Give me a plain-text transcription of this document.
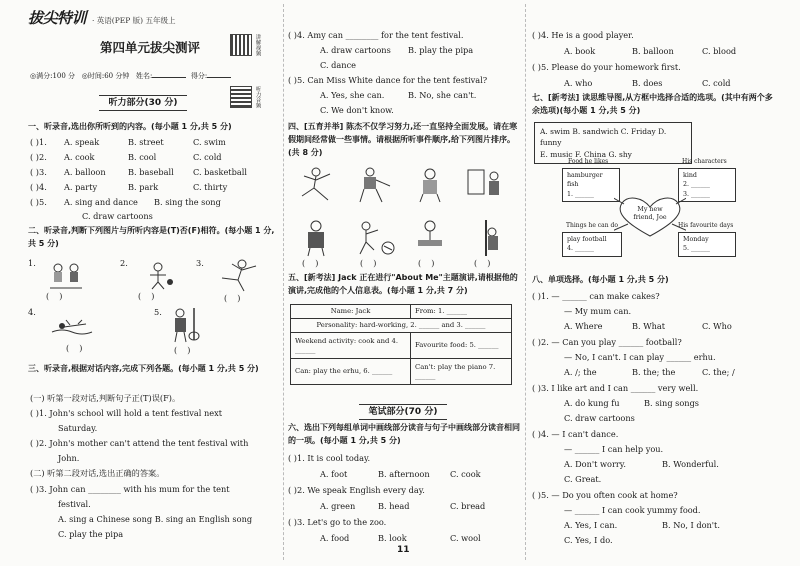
拔尖特训 · 英语(PEP 版) 五年级上
第四单元拔尖测评	讲解视频
◎满分:100 分 ◎时间:60 分钟 姓名:	得分:
听力音频
听力部分(30 分)
一、听录音,选出你所听到的内容。(每小题 1 分,共 5 分)
( )1. A. speak	B. street	C. swim
( )2. A. cook	B. cool	C. cold
( )3. A. balloon	B. baseball C. basketball
( )4. A. party	B. park	C. thirty
( )5. A. sing and dance B. sing the song
C. draw cartoons
二、听录音,判断下列图片与所听内容是(T)否(F)相符。(每小题 1 分,共 5 分)
1.
(    )
2.
(    )
3.
(    )
4.
(    )
5.
(    )
三、听录音,根据对话内容,完成下列各题。(每小题 1 分,共 5 分)
(一) 听第一段对话,判断句子正(T)误(F)。
( )1. John's school will hold a tent festival next
Saturday.
( )2. John's mother can't attend the tent festival with
John.
(二) 听第二段对话,选出正确的答案。
( )3. John can ________ with his mum for the tent
festival.
A. sing a Chinese song B. sing an English song
C. play the pipa
( )4. Amy can ________ for the tent festival.
A. draw cartoons B. play the pipa
C. dance
( )5. Can Miss White dance for the tent festival?
A. Yes, she can.	B. No, she can't.
C. We don't know.
四、[五育并举] 陈杰不仅学习努力,还一直坚持全面发展。请在寒假期间经常做一些事情。请根据所听事件顺序,给下列图片排序。(共 8 分)
(    )	(    )	(    )	(    )
五、[新考法] Jack 正在进行"About Me"主题演讲,请根据他的演讲,完成他的个人信息表。(每小题 1 分,共 7 分)
Name: Jack	From: 1. ______
Personality: hard-working, 2. ______ and 3. ______	
Weekend activity: cook and 4. ______	Favourite food: 5. ______
Can: play the erhu, 6. ______	Can't: play the piano 7. ______
笔试部分(70 分)
六、选出下列每组单词中画线部分读音与句子中画线部分读音相同的一项。(每小题 1 分,共 5 分)
( )1. It is cool today.
A. foot	B. afternoon C. cook
( )2. We speak English every day.
A. green	B. head	C. bread
( )3. Let's go to the zoo.
A. food	B. look	C. wool
( )4. He is a good player.
A. book	B. balloon	C. blood
( )5. Please do your homework first.
A. who	B. does	C. cold
七、[新考法] 读思维导图,从方框中选择合适的选项。(其中有两个多余选项)(每小题 1 分,共 5 分)
A. swim B. sandwich C. Friday D. funny
E. music F. China G. shy
Food he likes
hamburger
fish
1. ______
His characters
kind
2. ______
3. ______
My new friend, Joe
Things he can do
play football
4. ______
His favourite days
Monday
5. ______
八、单项选择。(每小题 1 分,共 5 分)
( )1. — ______ can make cakes?
— My mum can.
A. Where	B. What	C. Who
( )2. — Can you play ______ football?
— No, I can't. I can play ______ erhu.
A. /; the	B. the; the	C. the; /
( )3. I like art and I can ______ very well.
A. do kung fu	B. sing songs
C. draw cartoons
( )4. — I can't dance.
— ______ I can help you.
A. Don't worry.	B. Wonderful.
C. Great.
( )5. — Do you often cook at home?
— ______ I can cook yummy food.
A. Yes, I can.	B. No, I don't.
C. Yes, I do.
11
